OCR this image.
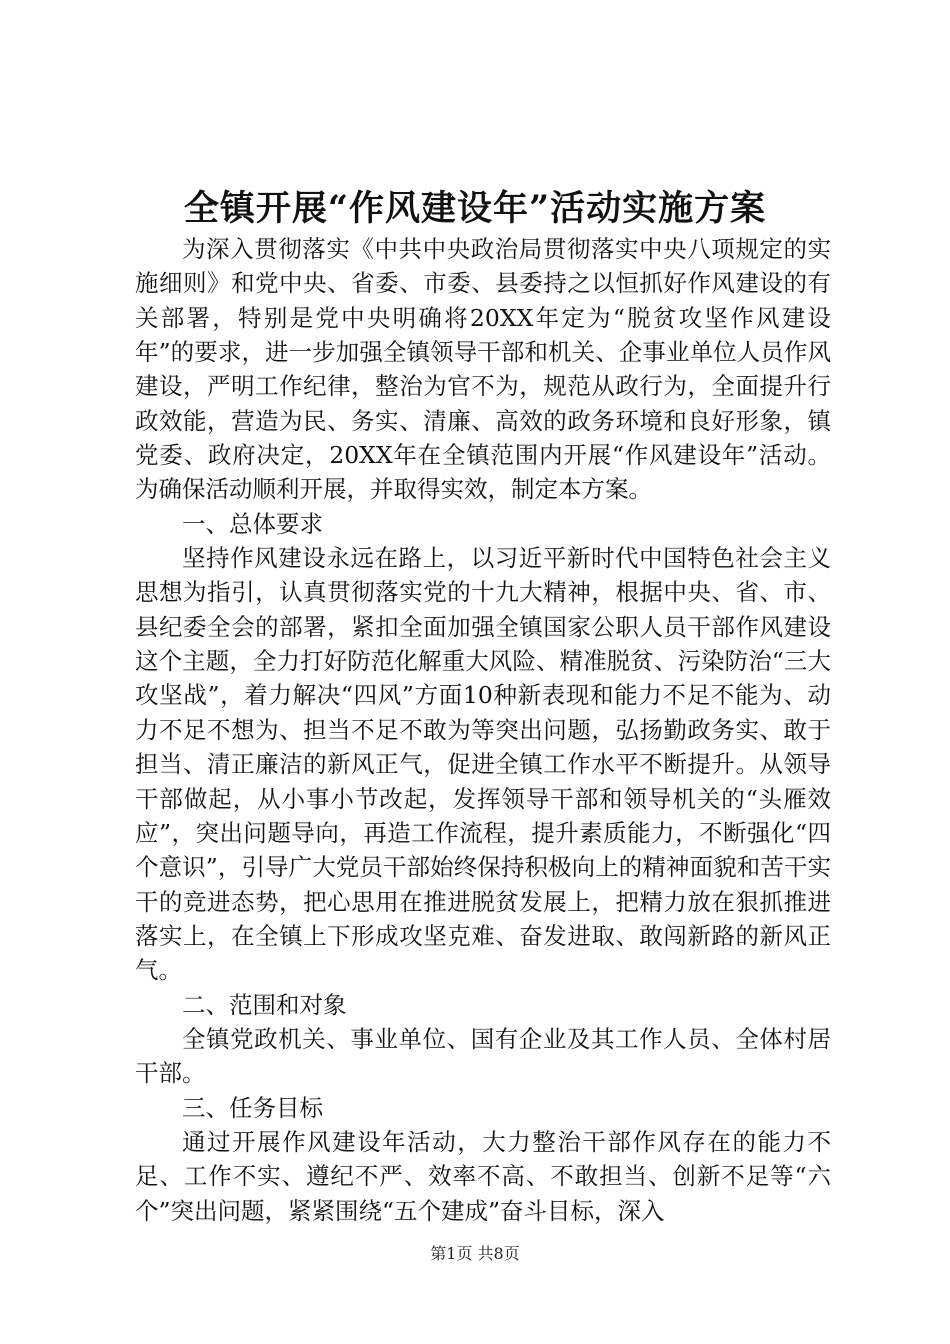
全镇开展“作风建设年”活动实施方案

为深入贯彻落实《中共中央政治局贯彻落实中央八项规定的实施细则》和党中央、省委、市委、县委持之以恒抓好作风建设的有关部署，特别是党中央明确将20XX年定为“脱贫攻坚作风建设年”的要求，进一步加强全镇领导干部和机关、企事业单位人员作风建设，严明工作纪律，整治为官不为，规范从政行为，全面提升行政效能，营造为民、务实、清廉、高效的政务环境和良好形象，镇党委、政府决定，20XX年在全镇范围内开展“作风建设年”活动。为确保活动顺利开展，并取得实效，制定本方案。

一、总体要求

坚持作风建设永远在路上，以习近平新时代中国特色社会主义思想为指引，认真贯彻落实党的十九大精神，根据中央、省、市、县纪委全会的部署，紧扣全面加强全镇国家公职人员干部作风建设这个主题，全力打好防范化解重大风险、精准脱贫、污染防治“三大攻坚战”，着力解决“四风”方面10种新表现和能力不足不能为、动力不足不想为、担当不足不敢为等突出问题，弘扬勤政务实、敢于担当、清正廉洁的新风正气，促进全镇工作水平不断提升。从领导干部做起，从小事小节改起，发挥领导干部和领导机关的“头雁效应”，突出问题导向，再造工作流程，提升素质能力，不断强化“四个意识”，引导广大党员干部始终保持积极向上的精神面貌和苦干实干的竞进态势，把心思用在推进脱贫发展上，把精力放在狠抓推进落实上，在全镇上下形成攻坚克难、奋发进取、敢闯新路的新风正气。

二、范围和对象

全镇党政机关、事业单位、国有企业及其工作人员、全体村居干部。

三、任务目标

通过开展作风建设年活动，大力整治干部作风存在的能力不足、工作不实、遵纪不严、效率不高、不敢担当、创新不足等“六个”突出问题，紧紧围绕“五个建成”奋斗目标，深入

第1页 共8页
